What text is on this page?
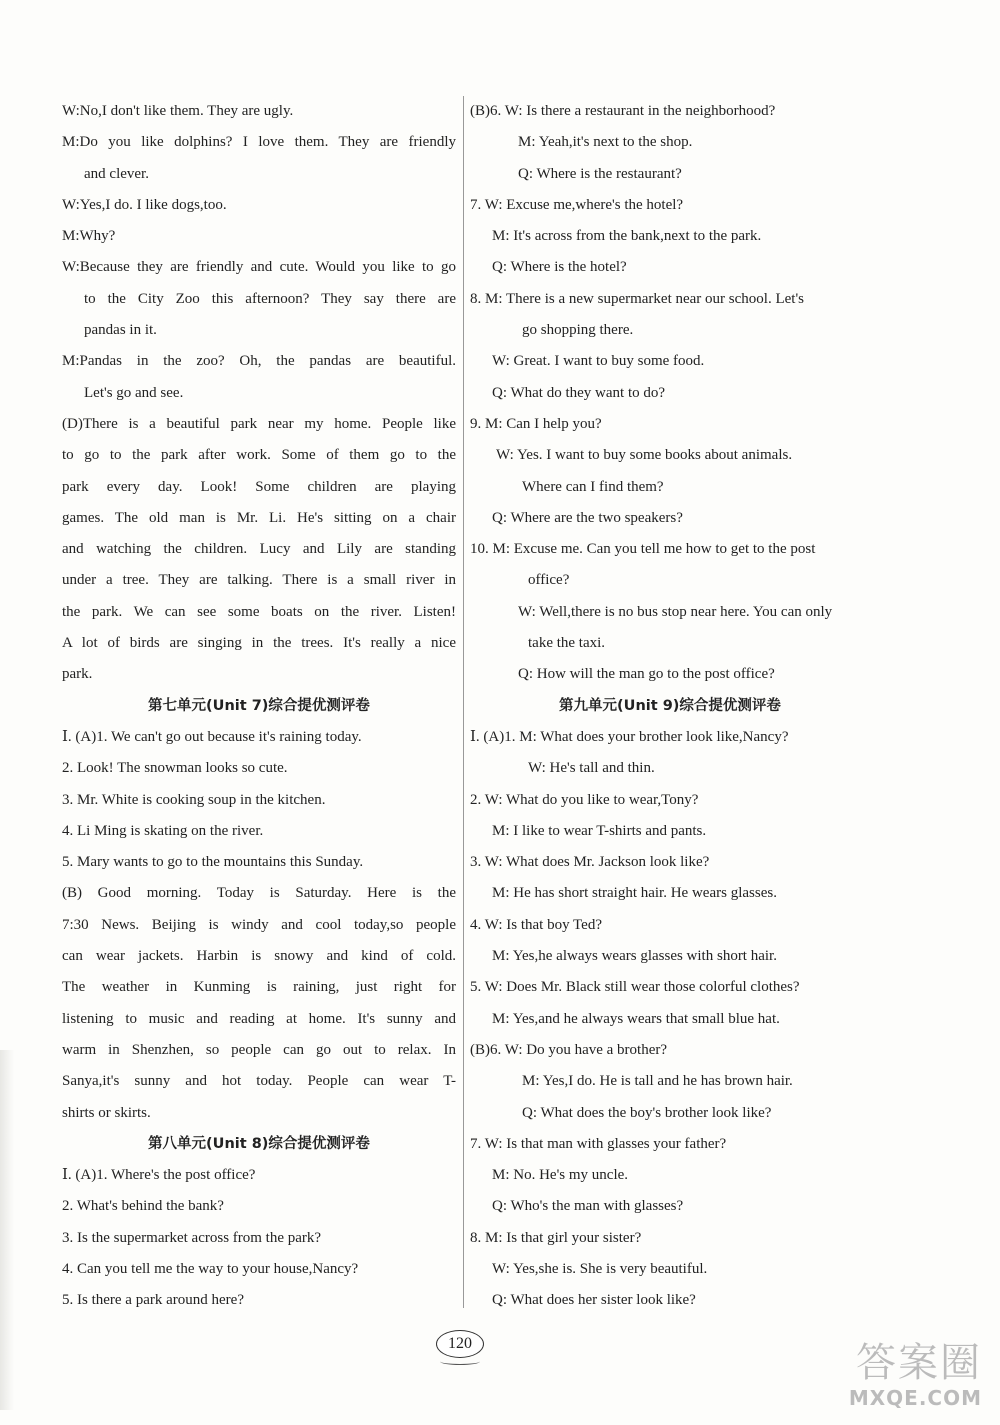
W:No,I don't like them. They are ugly.
M:Do you like dolphins? I love them. They are friendly
and clever.
W:Yes,I do. I like dogs,too.
M:Why?
W:Because they are friendly and cute. Would you like to go
to the City Zoo this afternoon? They say there are
pandas in it.
M:Pandas in the zoo? Oh, the pandas are beautiful.
Let's go and see.
(D)There is a beautiful park near my home. People like
to go to the park after work. Some of them go to the
park every day. Look! Some children are playing
games. The old man is Mr. Li. He's sitting on a chair
and watching the children. Lucy and Lily are standing
under a tree. They are talking. There is a small river in
the park. We can see some boats on the river. Listen!
A lot of birds are singing in the trees. It's really a nice
park.
第七单元(Unit 7)综合提优测评卷
Ⅰ. (A)1. We can't go out because it's raining today.
2. Look! The snowman looks so cute.
3. Mr. White is cooking soup in the kitchen.
4. Li Ming is skating on the river.
5. Mary wants to go to the mountains this Sunday.
(B) Good morning. Today is Saturday. Here is the
7:30 News. Beijing is windy and cool today,so people
can wear jackets. Harbin is snowy and kind of cold.
The weather in Kunming is raining, just right for
listening to music and reading at home. It's sunny and
warm in Shenzhen, so people can go out to relax. In
Sanya,it's sunny and hot today. People can wear T-
shirts or skirts.
第八单元(Unit 8)综合提优测评卷
Ⅰ. (A)1. Where's the post office?
2. What's behind the bank?
3. Is the supermarket across from the park?
4. Can you tell me the way to your house,Nancy?
5. Is there a park around here?
(B)6. W: Is there a restaurant in the neighborhood?
M: Yeah,it's next to the shop.
Q: Where is the restaurant?
7. W: Excuse me,where's the hotel?
M: It's across from the bank,next to the park.
Q: Where is the hotel?
8. M: There is a new supermarket near our school. Let's
go shopping there.
W: Great. I want to buy some food.
Q: What do they want to do?
9. M: Can I help you?
W: Yes. I want to buy some books about animals.
Where can I find them?
Q: Where are the two speakers?
10. M: Excuse me. Can you tell me how to get to the post
office?
W: Well,there is no bus stop near here. You can only
take the taxi.
Q: How will the man go to the post office?
第九单元(Unit 9)综合提优测评卷
Ⅰ. (A)1. M: What does your brother look like,Nancy?
W: He's tall and thin.
2. W: What do you like to wear,Tony?
M: I like to wear T-shirts and pants.
3. W: What does Mr. Jackson look like?
M: He has short straight hair. He wears glasses.
4. W: Is that boy Ted?
M: Yes,he always wears glasses with short hair.
5. W: Does Mr. Black still wear those colorful clothes?
M: Yes,and he always wears that small blue hat.
(B)6. W: Do you have a brother?
M: Yes,I do. He is tall and he has brown hair.
Q: What does the boy's brother look like?
7. W: Is that man with glasses your father?
M: No. He's my uncle.
Q: Who's the man with glasses?
8. M: Is that girl your sister?
W: Yes,she is. She is very beautiful.
Q: What does her sister look like?
120	答案圈
MXQE.COM
